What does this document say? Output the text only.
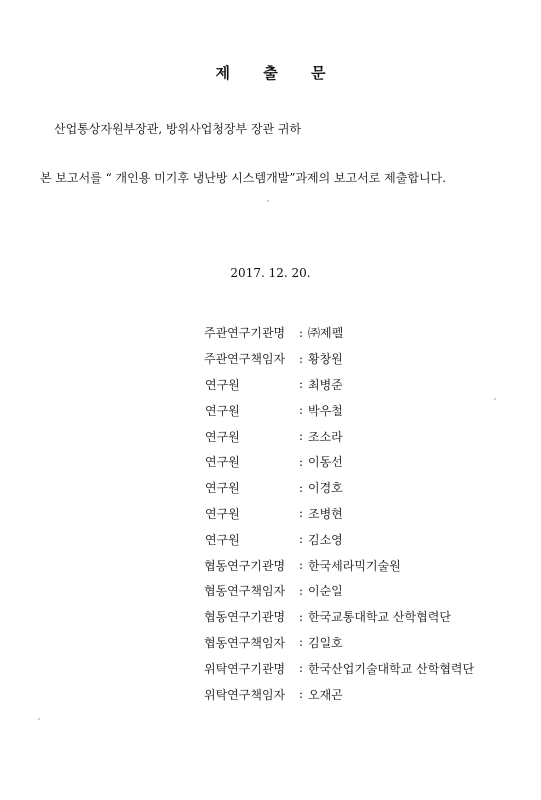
제 출 문
산업통상자원부장관, 방위사업청장부 장관 귀하
본 보고서를 “ 개인용 미기후 냉난방 시스템개발”과제의 보고서로 제출합니다.
2017. 12. 20.
주관연구기관명	: ㈜제펠
주관연구책임자	: 황창원
연구원	: 최병준
연구원	: 박우철
연구원	: 조소라
연구원	: 이동선
연구원	: 이경호
연구원	: 조병현
연구원	: 김소영
협동연구기관명	: 한국세라믹기술원
협동연구책임자	: 이순일
협동연구기관명	: 한국교통대학교 산학협력단
협동연구책임자	: 김일호
위탁연구기관명	: 한국산업기술대학교 산학협력단
위탁연구책임자	: 오재곤
